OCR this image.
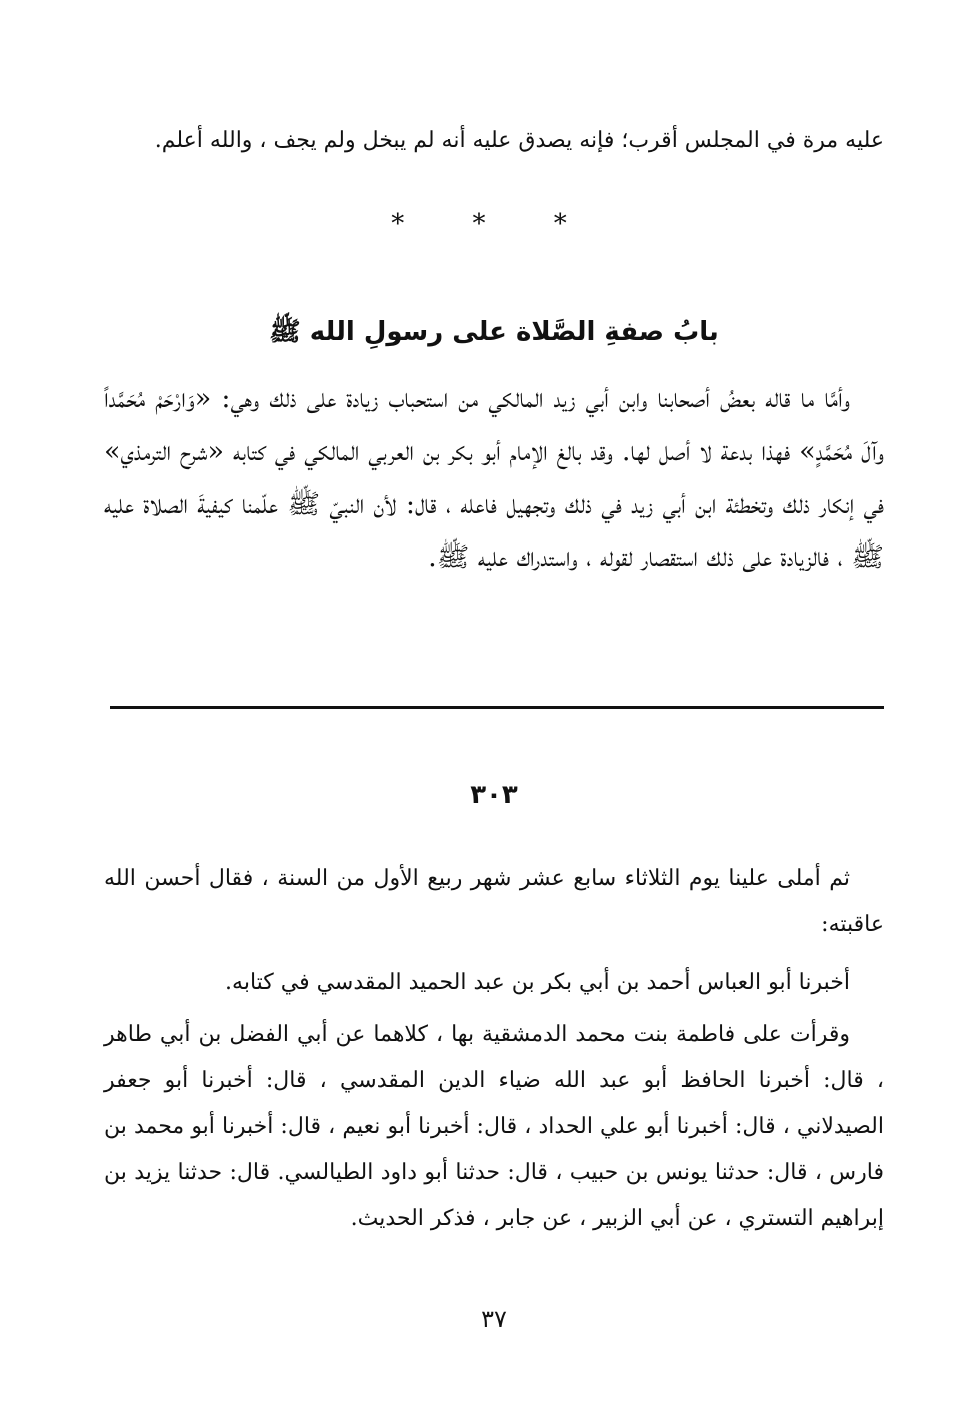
عليه مرة في المجلس أقرب؛ فإنه يصدق عليه أنه لم يبخل ولم يجف ، والله أعلم.

* * *
بابُ صفةِ الصَّلاة على رسولِ الله ﷺ

وأمَّا ما قاله بعضُ أصحابنا وابن أبي زيد المالكي من استحباب زيادة على ذلك وهي: «وَارْحَمْ مُحَمَّداً وآلَ مُحَمَّدٍ» فهذا بدعة لا أصل لها. وقد بالغ الإمام أبو بكر بن العربي المالكي في كتابه «شرح الترمذي» في إنكار ذلك وتخطئة ابن أبي زيد في ذلك وتجهيل فاعله ، قال: لأن النبيّ ﷺ علّمنا كيفيةَ الصلاة عليه ﷺ ، فالزيادة على ذلك استقصار لقوله ، واستدراك عليه ﷺ.

٣٠٣

ثم أملى علينا يوم الثلاثاء سابع عشر شهر ربيع الأول من السنة ، فقال أحسن الله عاقبته:

أخبرنا أبو العباس أحمد بن أبي بكر بن عبد الحميد المقدسي في كتابه.

وقرأت على فاطمة بنت محمد الدمشقية بها ، كلاهما عن أبي الفضل بن أبي طاهر ، قال: أخبرنا الحافظ أبو عبد الله ضياء الدين المقدسي ، قال: أخبرنا أبو جعفر الصيدلاني ، قال: أخبرنا أبو علي الحداد ، قال: أخبرنا أبو نعيم ، قال: أخبرنا أبو محمد بن فارس ، قال: حدثنا يونس بن حبيب ، قال: حدثنا أبو داود الطيالسي. قال: حدثنا يزيد بن إبراهيم التستري ، عن أبي الزبير ، عن جابر ، فذكر الحديث.

٣٧
